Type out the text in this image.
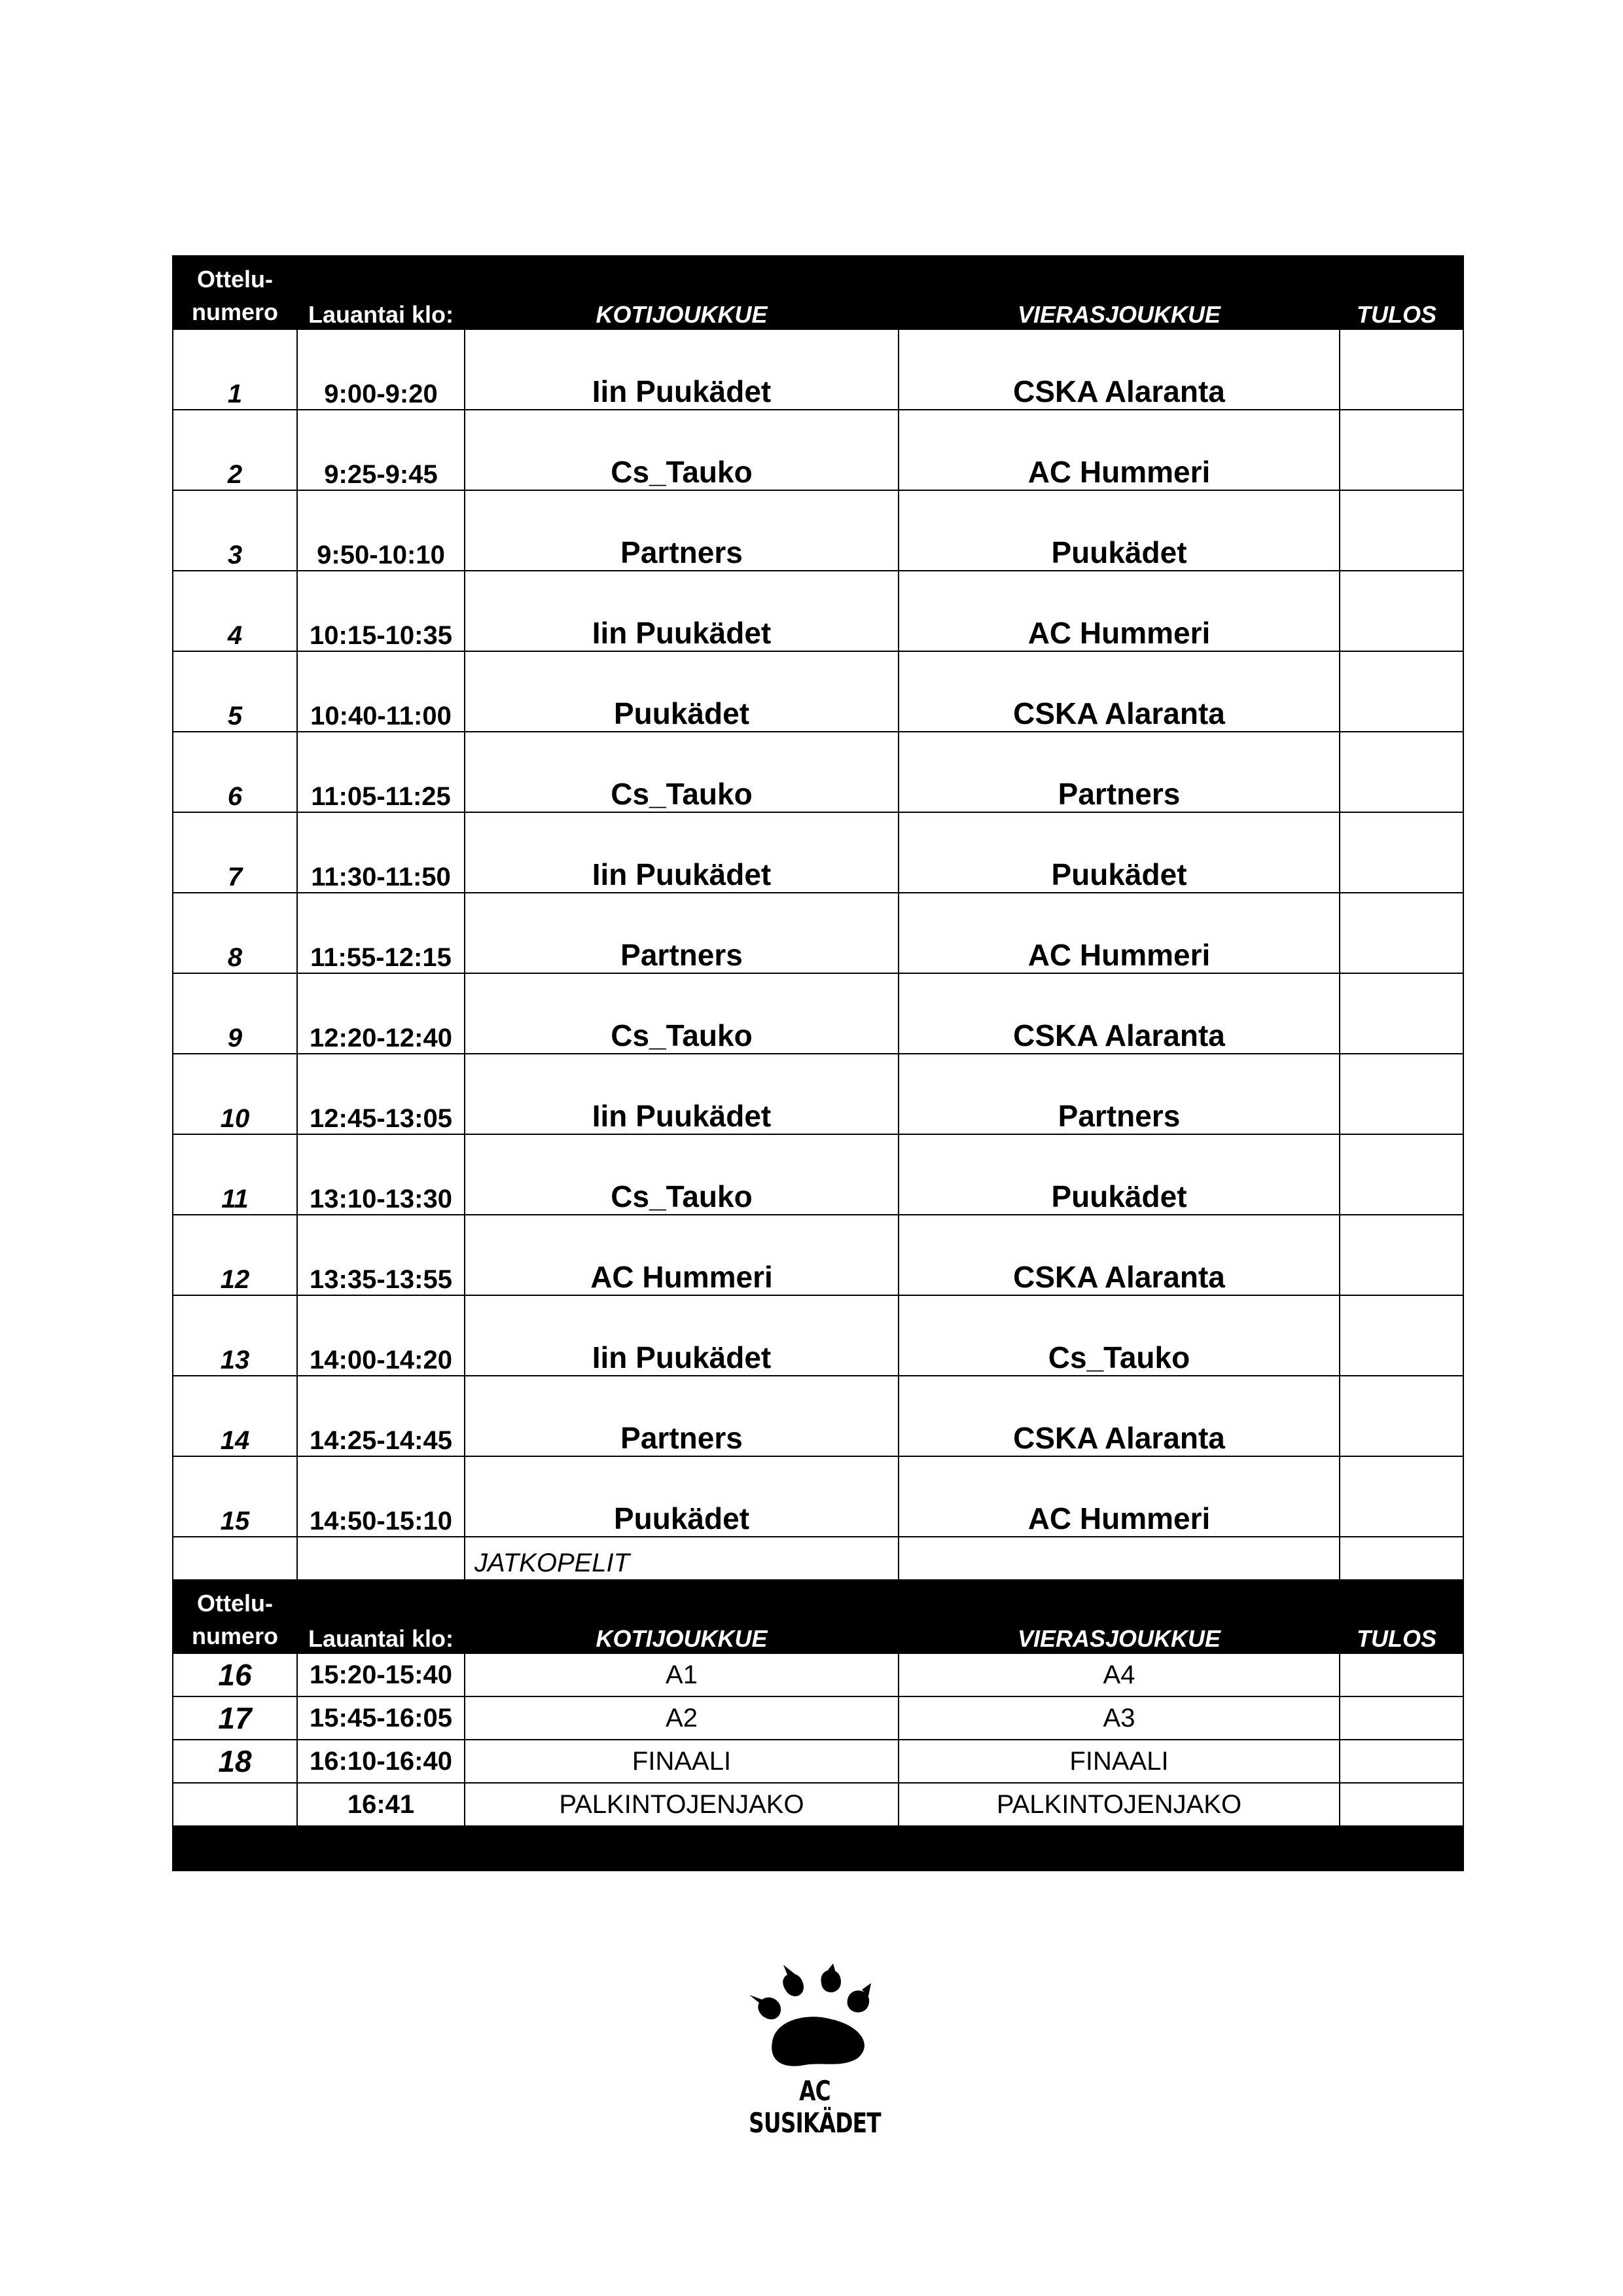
Ottelu-
numero	Lauantai klo:	KOTIJOUKKUE	VIERASJOUKKUE	TULOS
1	9:00-9:20	Iin Puukädet	CSKA Alaranta	
2	9:25-9:45	Cs_Tauko	AC Hummeri	
3	9:50-10:10	Partners	Puukädet	
4	10:15-10:35	Iin Puukädet	AC Hummeri	
5	10:40-11:00	Puukädet	CSKA Alaranta	
6	11:05-11:25	Cs_Tauko	Partners	
7	11:30-11:50	Iin Puukädet	Puukädet	
8	11:55-12:15	Partners	AC Hummeri	
9	12:20-12:40	Cs_Tauko	CSKA Alaranta	
10	12:45-13:05	Iin Puukädet	Partners	
11	13:10-13:30	Cs_Tauko	Puukädet	
12	13:35-13:55	AC Hummeri	CSKA Alaranta	
13	14:00-14:20	Iin Puukädet	Cs_Tauko	
14	14:25-14:45	Partners	CSKA Alaranta	
15	14:50-15:10	Puukädet	AC Hummeri	
		JATKOPELIT		

Ottelu-
numero	Lauantai klo:	KOTIJOUKKUE	VIERASJOUKKUE	TULOS
16	15:20-15:40	A1	A4	
17	15:45-16:05	A2	A3	
18	16:10-16:40	FINAALI	FINAALI	
	16:41	PALKINTOJENJAKO	PALKINTOJENJAKO	

AC SUSIKÄDET
